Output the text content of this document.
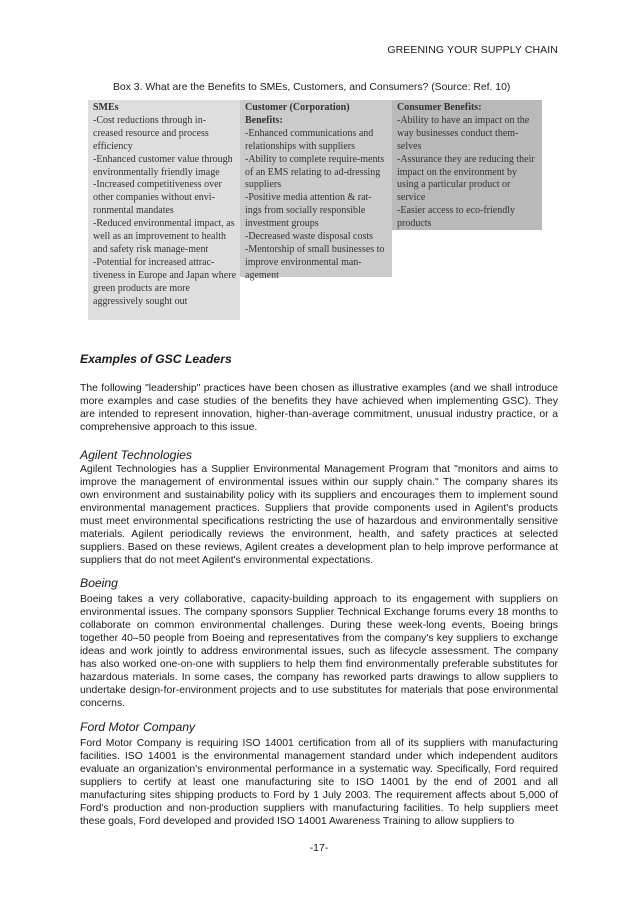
GREENING YOUR SUPPLY CHAIN
Box 3. What are the Benefits to SMEs, Customers, and Consumers? (Source: Ref. 10)
SMEs
-Cost reductions through in-creased resource and process efficiency
-Enhanced customer value through environmentally friendly image
-Increased competitiveness over other companies without envi-ronmental mandates
-Reduced environmental impact, as well as an improvement to health and safety risk manage-ment
-Potential for increased attrac-tiveness in Europe and Japan where green products are more aggressively sought out
Customer (Corporation) Benefits:
-Enhanced communications and relationships with suppliers
-Ability to complete require-ments of an EMS relating to ad-dressing suppliers
-Positive media attention & rat-ings from socially responsible investment groups
-Decreased waste disposal costs
-Mentorship of small businesses to improve environmental man-agement
Consumer Benefits:
-Ability to have an impact on the way businesses conduct them-selves
-Assurance they are reducing their impact on the environment by using a particular product or service
-Easier access to eco-friendly products
Examples of GSC Leaders

The following "leadership" practices have been chosen as illustrative examples (and we shall introduce more examples and case studies of the benefits they have achieved when implementing GSC). They are intended to represent innovation, higher-than-average commitment, unusual industry practice, or a comprehensive approach to this issue.

Agilent Technologies

Agilent Technologies has a Supplier Environmental Management Program that "monitors and aims to improve the management of environmental issues within our supply chain." The company shares its own environment and sustainability policy with its suppliers and encourages them to implement sound environmental management practices. Suppliers that provide components used in Agilent's products must meet environmental specifications restricting the use of hazardous and environmentally sensitive materials. Agilent periodically reviews the environment, health, and safety practices at selected suppliers. Based on these reviews, Agilent creates a development plan to help improve performance at suppliers that do not meet Agilent's environmental expectations.

Boeing

Boeing takes a very collaborative, capacity-building approach to its engagement with suppliers on environmental issues. The company sponsors Supplier Technical Exchange forums every 18 months to collaborate on common environmental challenges. During these week-long events, Boeing brings together 40–50 people from Boeing and representatives from the company's key suppliers to exchange ideas and work jointly to address environmental issues, such as lifecycle assessment. The company has also worked one-on-one with suppliers to help them find environmentally preferable substitutes for hazardous materials. In some cases, the company has reworked parts drawings to allow suppliers to undertake design-for-environment projects and to use substitutes for materials that pose environmental concerns.

Ford Motor Company

Ford Motor Company is requiring ISO 14001 certification from all of its suppliers with manufacturing facilities. ISO 14001 is the environmental management standard under which independent auditors evaluate an organization's environmental performance in a systematic way. Specifically, Ford required suppliers to certify at least one manufacturing site to ISO 14001 by the end of 2001 and all manufacturing sites shipping products to Ford by 1 July 2003. The requirement affects about 5,000 of Ford's production and non-production suppliers with manufacturing facilities. To help suppliers meet these goals, Ford developed and provided ISO 14001 Awareness Training to allow suppliers to

-17-
